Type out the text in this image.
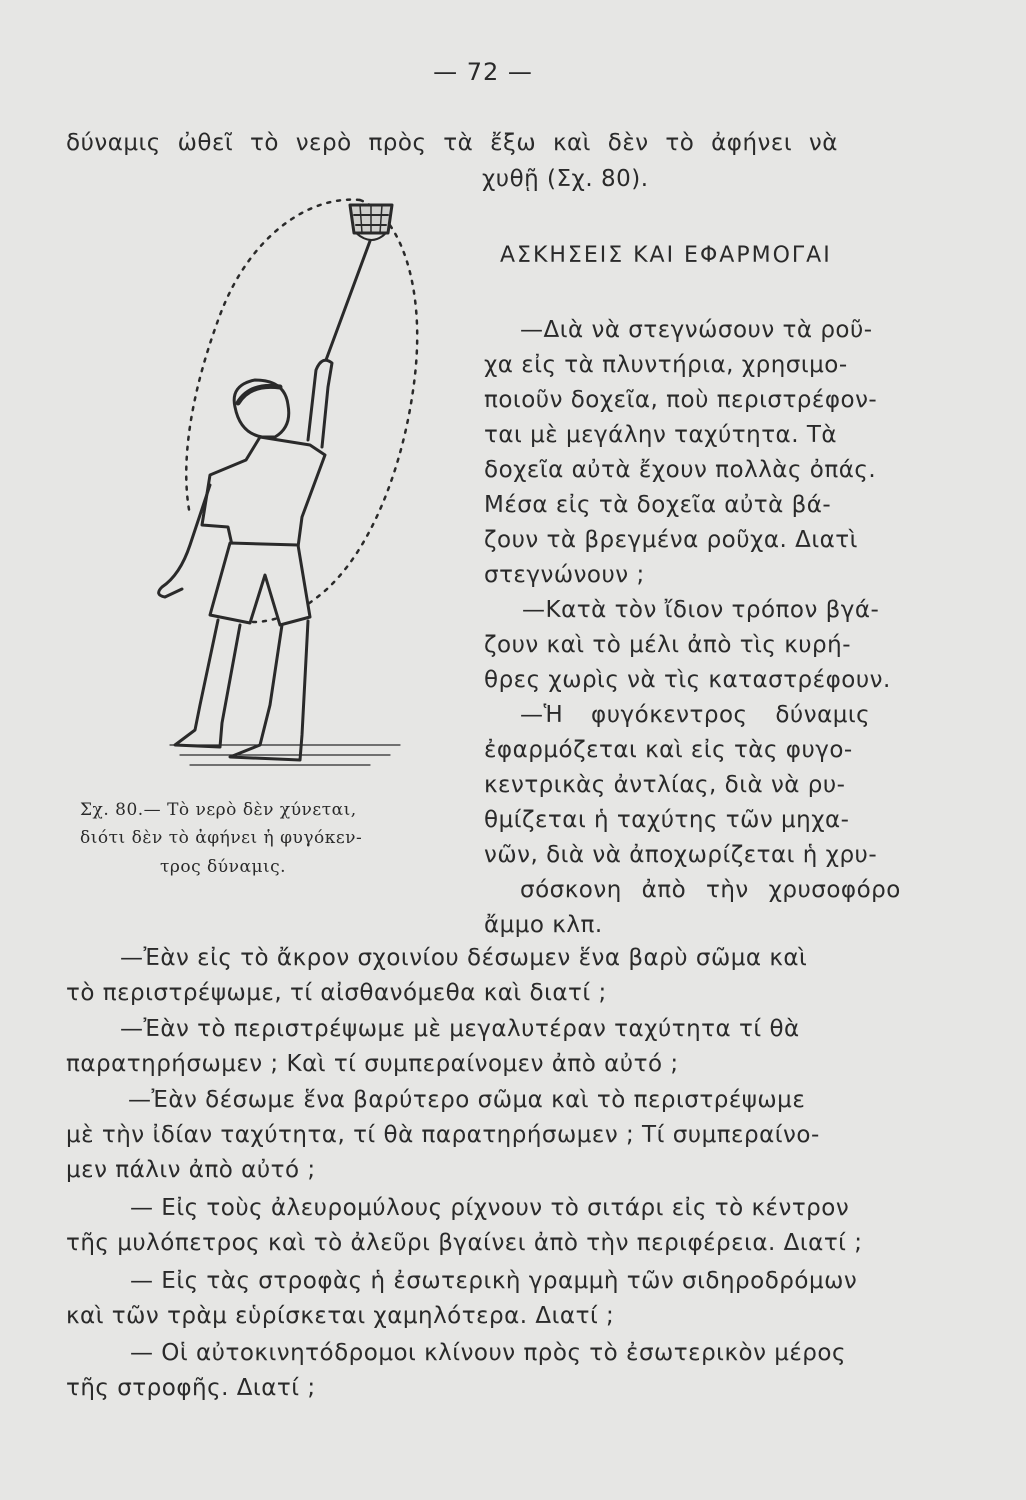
— 72 —
δύναμις ὠθεῖ τὸ νερὸ πρὸς τὰ ἔξω καὶ δὲν τὸ ἀφήνει νὰ
χυθῇ (Σχ. 80).
ΑΣΚΗΣΕΙΣ ΚΑΙ ΕΦΑΡΜΟΓΑΙ
Σχ. 80.— Τὸ νερὸ δὲν χύνεται,
διότι δὲν τὸ ἀφήνει ἡ φυγόκεν-
τρος δύναμις.
—Διὰ νὰ στεγνώσουν τὰ ροῦ-
χα εἰς τὰ πλυντήρια, χρησιμο-
ποιοῦν δοχεῖα, ποὺ περιστρέφον-
ται μὲ μεγάλην ταχύτητα. Τὰ
δοχεῖα αὐτὰ ἔχουν πολλὰς ὀπάς.
Μέσα εἰς τὰ δοχεῖα αὐτὰ βά-
ζουν τὰ βρεγμένα ροῦχα. Διατὶ
στεγνώνουν ;
—Κατὰ τὸν ἴδιον τρόπον βγά-
ζουν καὶ τὸ μέλι ἀπὸ τὶς κυρή-
θρες χωρὶς νὰ τὶς καταστρέφουν.
—Ἡ φυγόκεντρος δύναμις
ἐφαρμόζεται καὶ εἰς τὰς φυγο-
κεντρικὰς ἀντλίας, διὰ νὰ ρυ-
θμίζεται ἡ ταχύτης τῶν μηχα-
νῶν, διὰ νὰ ἀποχωρίζεται ἡ χρυ-
σόσκονη ἀπὸ τὴν χρυσοφόρο
ἄμμο κλπ.
—Ἐὰν εἰς τὸ ἄκρον σχοινίου δέσωμεν ἕνα βαρὺ σῶμα καὶ
τὸ περιστρέψωμε, τί αἰσθανόμεθα καὶ διατί ;
—Ἐὰν τὸ περιστρέψωμε μὲ μεγαλυτέραν ταχύτητα τί θὰ
παρατηρήσωμεν ; Καὶ τί συμπεραίνομεν ἀπὸ αὐτό ;
—Ἐὰν δέσωμε ἕνα βαρύτερο σῶμα καὶ τὸ περιστρέψωμε
μὲ τὴν ἰδίαν ταχύτητα, τί θὰ παρατηρήσωμεν ; Τί συμπεραίνο-
μεν πάλιν ἀπὸ αὐτό ;
— Εἰς τοὺς ἀλευρομύλους ρίχνουν τὸ σιτάρι εἰς τὸ κέντρον
τῆς μυλόπετρος καὶ τὸ ἀλεῦρι βγαίνει ἀπὸ τὴν περιφέρεια. Διατί ;
— Εἰς τὰς στροφὰς ἡ ἐσωτερικὴ γραμμὴ τῶν σιδηροδρόμων
καὶ τῶν τρὰμ εὑρίσκεται χαμηλότερα. Διατί ;
— Οἱ αὐτοκινητόδρομοι κλίνουν πρὸς τὸ ἐσωτερικὸν μέρος
τῆς στροφῆς. Διατί ;
